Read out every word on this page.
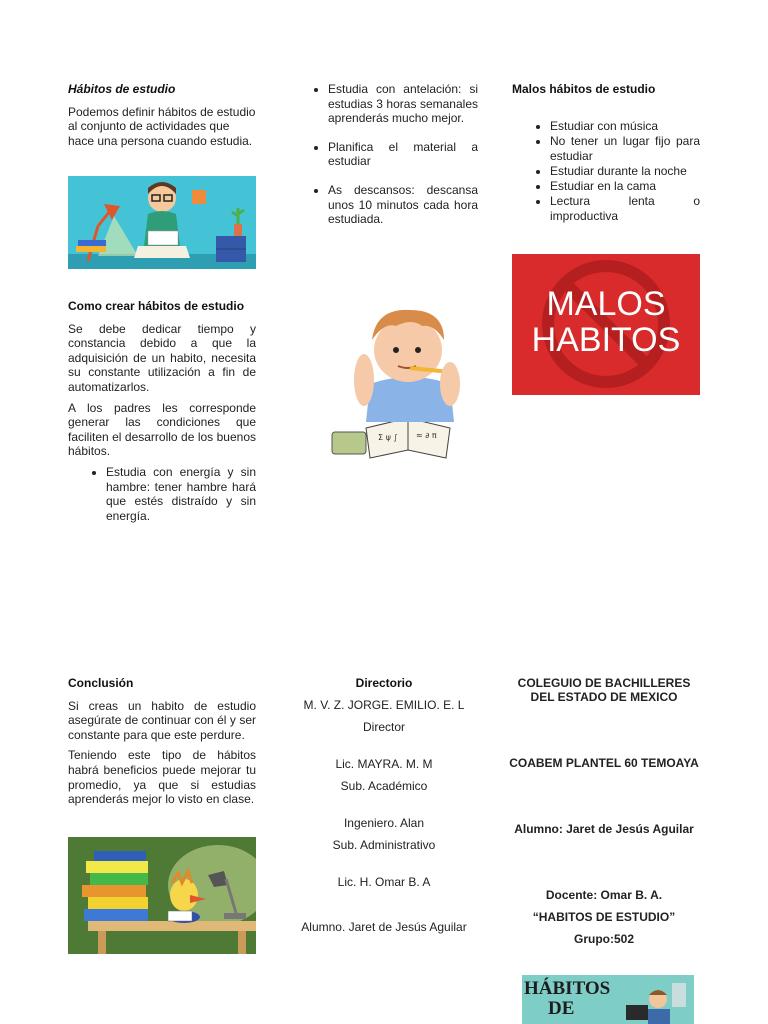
Hábitos de estudio

Podemos definir hábitos de estudio al conjunto de actividades que hace una persona cuando estudia.

Como crear hábitos de estudio

Se debe dedicar tiempo y constancia debido a que la adquisición de un habito, necesita su constante utilización a fin de automatizarlos.

A los padres les corresponde generar las condiciones que faciliten el desarrollo de los buenos hábitos.

• Estudia con energía y sin hambre: tener hambre hará que estés distraído y sin energía.
• Estudia con antelación: si estudias 3 horas semanales aprenderás mucho mejor.
• Planifica el material a estudiar
• As descansos: descansa unos 10 minutos cada hora estudiada.
Σ ψ ∫ ≈ ∂ π
Malos hábitos de estudio
• Estudiar con música
• No tener un lugar fijo para estudiar
• Estudiar durante la noche
• Estudiar en la cama
• Lectura lenta o improductiva
MALOS
HABITOS
Conclusión

Si creas un habito de estudio asegúrate de continuar con él y ser constante para que este perdure.

Teniendo este tipo de hábitos habrá beneficios puede mejorar tu promedio, ya que si estudias aprenderás mejor lo visto en clase.

Directorio
M. V. Z. JORGE. EMILIO. E. L
Director
Lic. MAYRA. M. M
Sub. Académico
Ingeniero. Alan
Sub. Administrativo
Lic. H. Omar B. A
Alumno. Jaret de Jesús Aguilar
COLEGUIO DE BACHILLERES DEL ESTADO DE MEXICO
COABEM PLANTEL 60 TEMOAYA
Alumno: Jaret de Jesús Aguilar
Docente: Omar B. A.
“HABITOS DE ESTUDIO”
Grupo:502
HÁBITOS
DE
